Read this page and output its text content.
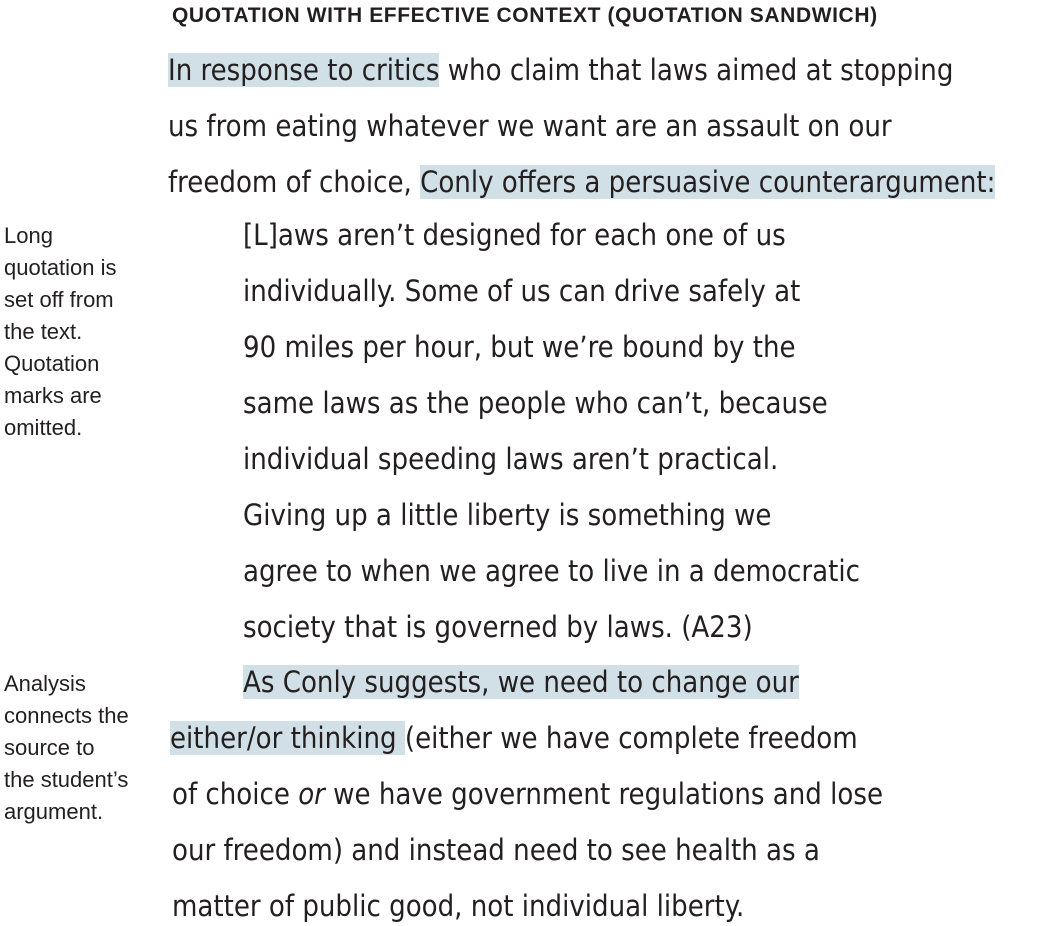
QUOTATION WITH EFFECTIVE CONTEXT (QUOTATION SANDWICH)
In response to critics who claim that laws aimed at stopping
us from eating whatever we want are an assault on our
freedom of choice, Conly offers a persuasive counterargument:
[L]aws aren’t designed for each one of us
individually. Some of us can drive safely at
90 miles per hour, but we’re bound by the
same laws as the people who can’t, because
individual speeding laws aren’t practical.
Giving up a little liberty is something we
agree to when we agree to live in a democratic
society that is governed by laws. (A23)
As Conly suggests, we need to change our
either/or thinking (either we have complete freedom
of choice or we have government regulations and lose
our freedom) and instead need to see health as a
matter of public good, not individual liberty.
Long
quotation is
set off from
the text.
Quotation
marks are
omitted.
Analysis
connects the
source to
the student’s
argument.
